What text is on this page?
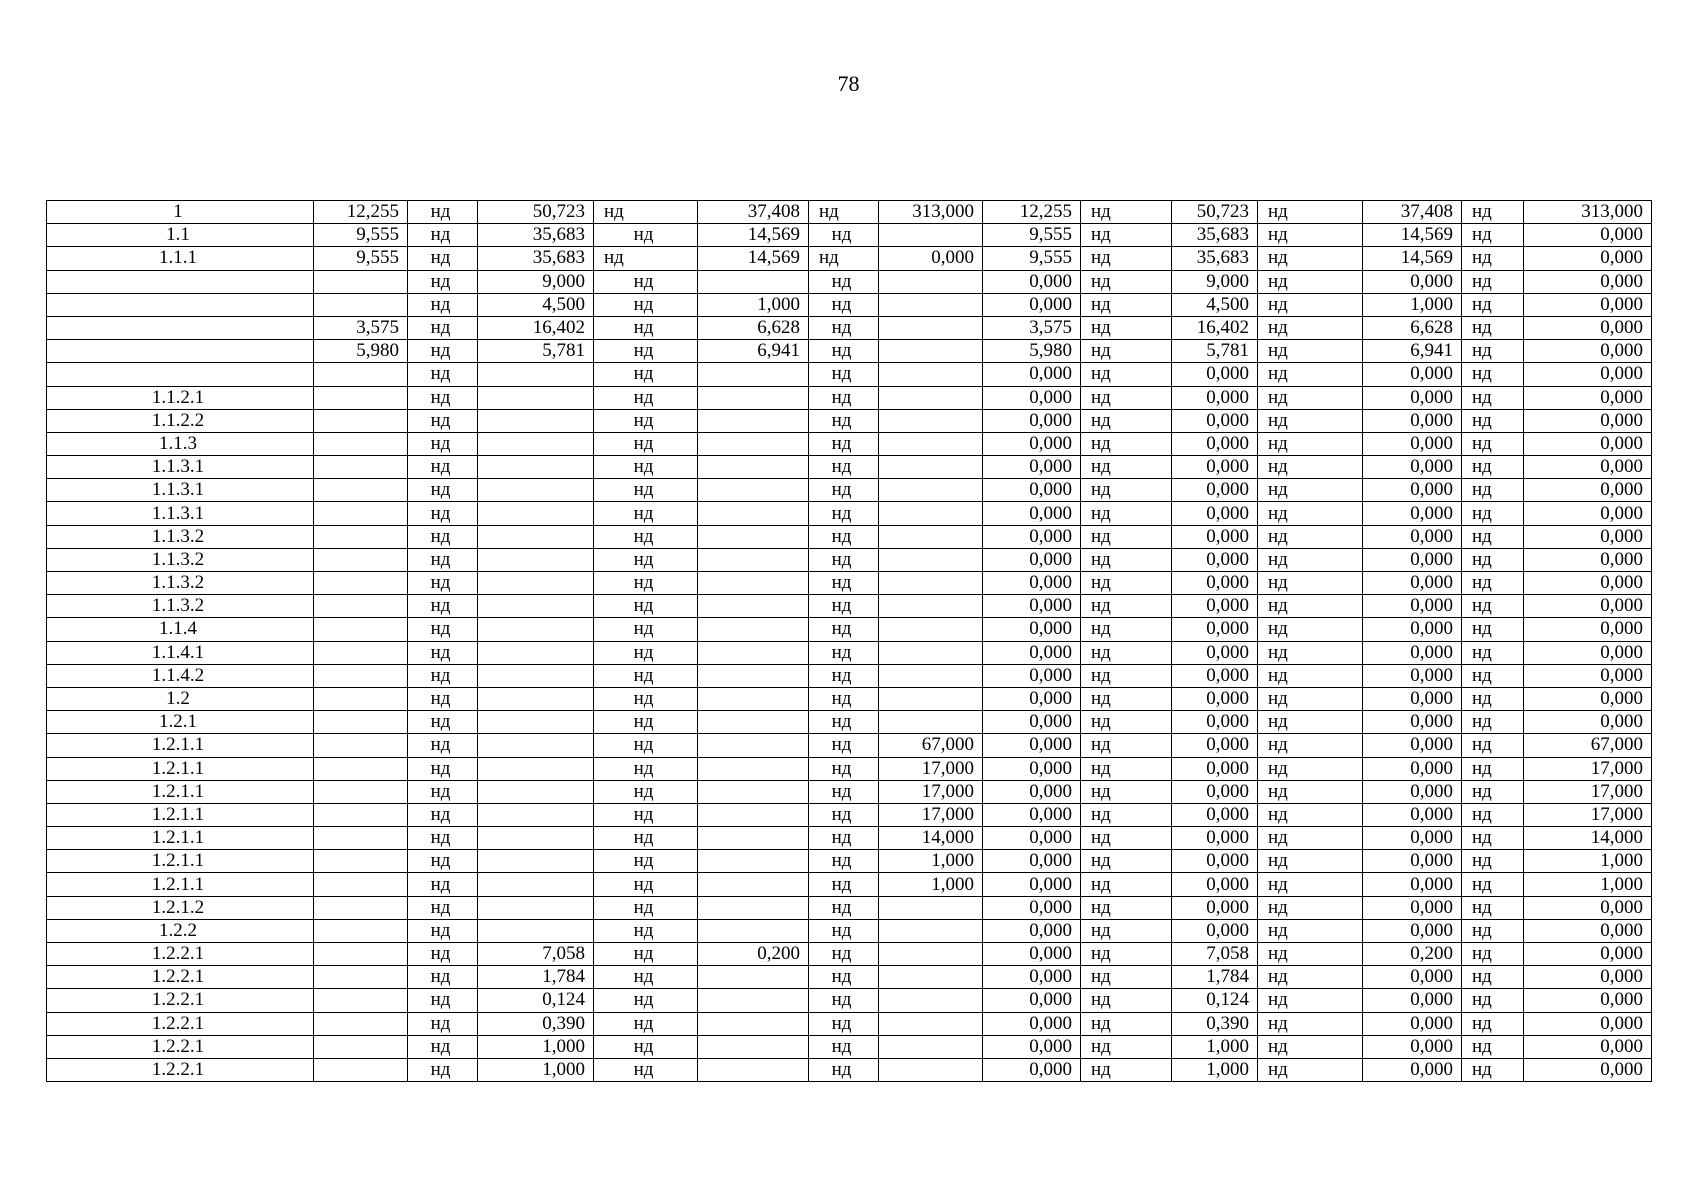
78
1	12,255	нд	50,723	нд	37,408	нд	313,000	12,255	нд	50,723	нд	37,408	нд	313,000
1.1	9,555	нд	35,683	нд	14,569	нд		9,555	нд	35,683	нд	14,569	нд	0,000
1.1.1	9,555	нд	35,683	нд	14,569	нд	0,000	9,555	нд	35,683	нд	14,569	нд	0,000
		нд	9,000	нд		нд		0,000	нд	9,000	нд	0,000	нд	0,000
		нд	4,500	нд	1,000	нд		0,000	нд	4,500	нд	1,000	нд	0,000
	3,575	нд	16,402	нд	6,628	нд		3,575	нд	16,402	нд	6,628	нд	0,000
	5,980	нд	5,781	нд	6,941	нд		5,980	нд	5,781	нд	6,941	нд	0,000
		нд		нд		нд		0,000	нд	0,000	нд	0,000	нд	0,000
1.1.2.1		нд		нд		нд		0,000	нд	0,000	нд	0,000	нд	0,000
1.1.2.2		нд		нд		нд		0,000	нд	0,000	нд	0,000	нд	0,000
1.1.3		нд		нд		нд		0,000	нд	0,000	нд	0,000	нд	0,000
1.1.3.1		нд		нд		нд		0,000	нд	0,000	нд	0,000	нд	0,000
1.1.3.1		нд		нд		нд		0,000	нд	0,000	нд	0,000	нд	0,000
1.1.3.1		нд		нд		нд		0,000	нд	0,000	нд	0,000	нд	0,000
1.1.3.2		нд		нд		нд		0,000	нд	0,000	нд	0,000	нд	0,000
1.1.3.2		нд		нд		нд		0,000	нд	0,000	нд	0,000	нд	0,000
1.1.3.2		нд		нд		нд		0,000	нд	0,000	нд	0,000	нд	0,000
1.1.3.2		нд		нд		нд		0,000	нд	0,000	нд	0,000	нд	0,000
1.1.4		нд		нд		нд		0,000	нд	0,000	нд	0,000	нд	0,000
1.1.4.1		нд		нд		нд		0,000	нд	0,000	нд	0,000	нд	0,000
1.1.4.2		нд		нд		нд		0,000	нд	0,000	нд	0,000	нд	0,000
1.2		нд		нд		нд		0,000	нд	0,000	нд	0,000	нд	0,000
1.2.1		нд		нд		нд		0,000	нд	0,000	нд	0,000	нд	0,000
1.2.1.1		нд		нд		нд	67,000	0,000	нд	0,000	нд	0,000	нд	67,000
1.2.1.1		нд		нд		нд	17,000	0,000	нд	0,000	нд	0,000	нд	17,000
1.2.1.1		нд		нд		нд	17,000	0,000	нд	0,000	нд	0,000	нд	17,000
1.2.1.1		нд		нд		нд	17,000	0,000	нд	0,000	нд	0,000	нд	17,000
1.2.1.1		нд		нд		нд	14,000	0,000	нд	0,000	нд	0,000	нд	14,000
1.2.1.1		нд		нд		нд	1,000	0,000	нд	0,000	нд	0,000	нд	1,000
1.2.1.1		нд		нд		нд	1,000	0,000	нд	0,000	нд	0,000	нд	1,000
1.2.1.2		нд		нд		нд		0,000	нд	0,000	нд	0,000	нд	0,000
1.2.2		нд		нд		нд		0,000	нд	0,000	нд	0,000	нд	0,000
1.2.2.1		нд	7,058	нд	0,200	нд		0,000	нд	7,058	нд	0,200	нд	0,000
1.2.2.1		нд	1,784	нд		нд		0,000	нд	1,784	нд	0,000	нд	0,000
1.2.2.1		нд	0,124	нд		нд		0,000	нд	0,124	нд	0,000	нд	0,000
1.2.2.1		нд	0,390	нд		нд		0,000	нд	0,390	нд	0,000	нд	0,000
1.2.2.1		нд	1,000	нд		нд		0,000	нд	1,000	нд	0,000	нд	0,000
1.2.2.1		нд	1,000	нд		нд		0,000	нд	1,000	нд	0,000	нд	0,000
